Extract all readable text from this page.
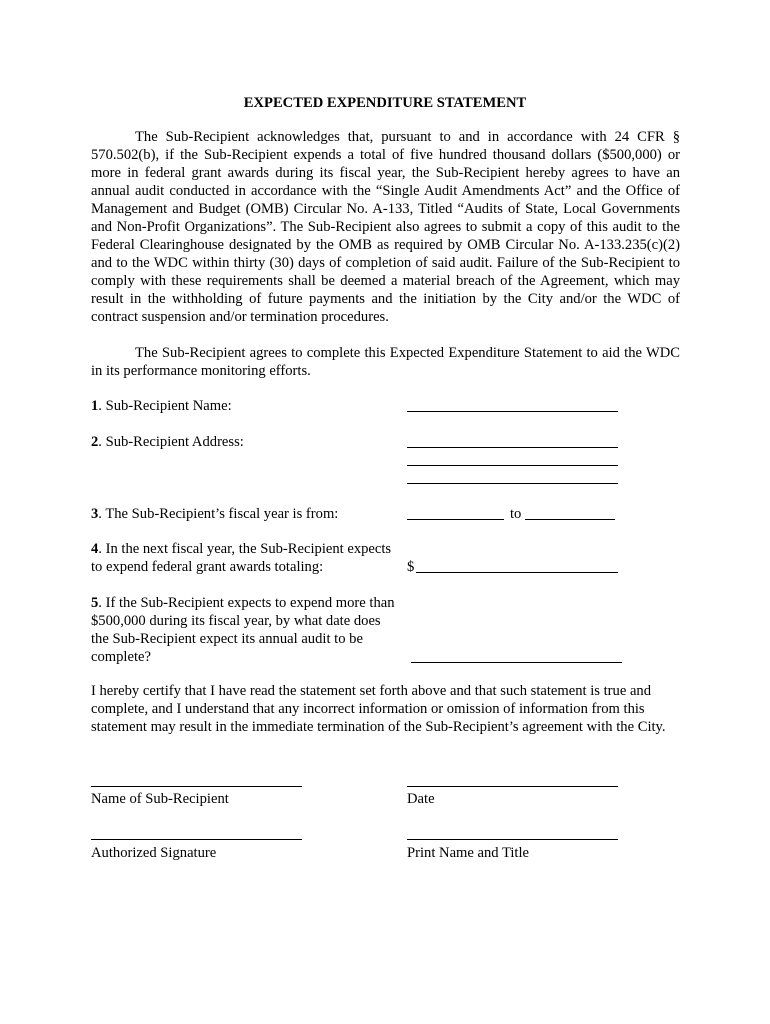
EXPECTED EXPENDITURE STATEMENT
The Sub-Recipient acknowledges that, pursuant to and in accordance with 24 CFR § 570.502(b), if the Sub-Recipient expends a total of five hundred thousand dollars ($500,000) or more in federal grant awards during its fiscal year, the Sub-Recipient hereby agrees to have an annual audit conducted in accordance with the “Single Audit Amendments Act” and the Office of Management and Budget (OMB) Circular No. A-133, Titled “Audits of State, Local Governments and Non-Profit Organizations”. The Sub-Recipient also agrees to submit a copy of this audit to the Federal Clearinghouse designated by the OMB as required by OMB Circular No. A-133.235(c)(2) and to the WDC within thirty (30) days of completion of said audit. Failure of the Sub-Recipient to comply with these requirements shall be deemed a material breach of the Agreement, which may result in the withholding of future payments and the initiation by the City and/or the WDC of contract suspension and/or termination procedures.
The Sub-Recipient agrees to complete this Expected Expenditure Statement to aid the WDC in its performance monitoring efforts.
1. Sub-Recipient Name:
2. Sub-Recipient Address:
3. The Sub-Recipient’s fiscal year is from:	to
4. In the next fiscal year, the Sub-Recipient expects to expend federal grant awards totaling:	$
5. If the Sub-Recipient expects to expend more than $500,000 during its fiscal year, by what date does the Sub-Recipient expect its annual audit to be complete?
I hereby certify that I have read the statement set forth above and that such statement is true and complete, and I understand that any incorrect information or omission of information from this statement may result in the immediate termination of the Sub-Recipient’s agreement with the City.
Name of Sub-Recipient	Date
Authorized Signature	Print Name and Title
